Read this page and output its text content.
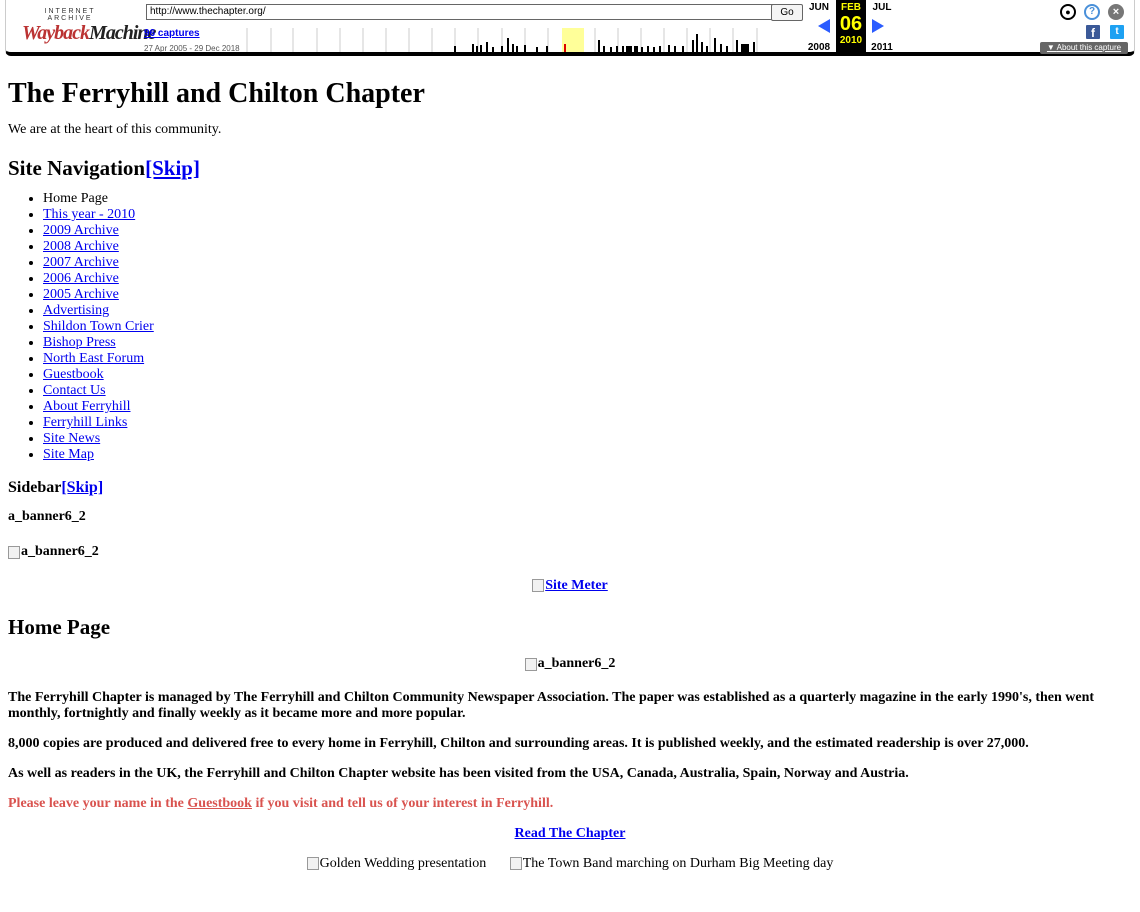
INTERNET ARCHIVE
WaybackMachine
http://www.thechapter.org/	Go
96 captures
27 Apr 2005 - 29 Dec 2018
JUN
2008
FEB
06
2010
JUL
2011
●	?	×
f	t
▼ About this capture
The Ferryhill and Chilton Chapter

We are at the heart of this community.

Site Navigation[Skip]
• Home Page
• This year - 2010
• 2009 Archive
• 2008 Archive
• 2007 Archive
• 2006 Archive
• 2005 Archive
• Advertising
• Shildon Town Crier
• Bishop Press
• North East Forum
• Guestbook
• Contact Us
• About Ferryhill
• Ferryhill Links
• Site News
• Site Map
Sidebar[Skip]
a_banner6_2
a_banner6_2
Site Meter
Home Page
a_banner6_2

The Ferryhill Chapter is managed by The Ferryhill and Chilton Community Newspaper Association. The paper was established as a quarterly magazine in the early 1990's, then went monthly, fortnightly and finally weekly as it became more and more popular.

8,000 copies are produced and delivered free to every home in Ferryhill, Chilton and surrounding areas. It is published weekly, and the estimated readership is over 27,000.

As well as readers in the UK, the Ferryhill and Chilton Chapter website has been visited from the USA, Canada, Australia, Spain, Norway and Austria.

Please leave your name in the Guestbook if you visit and tell us of your interest in Ferryhill.

Read The Chapter

Golden Wedding presentation
	The Town Band marching on Durham Big Meeting day
